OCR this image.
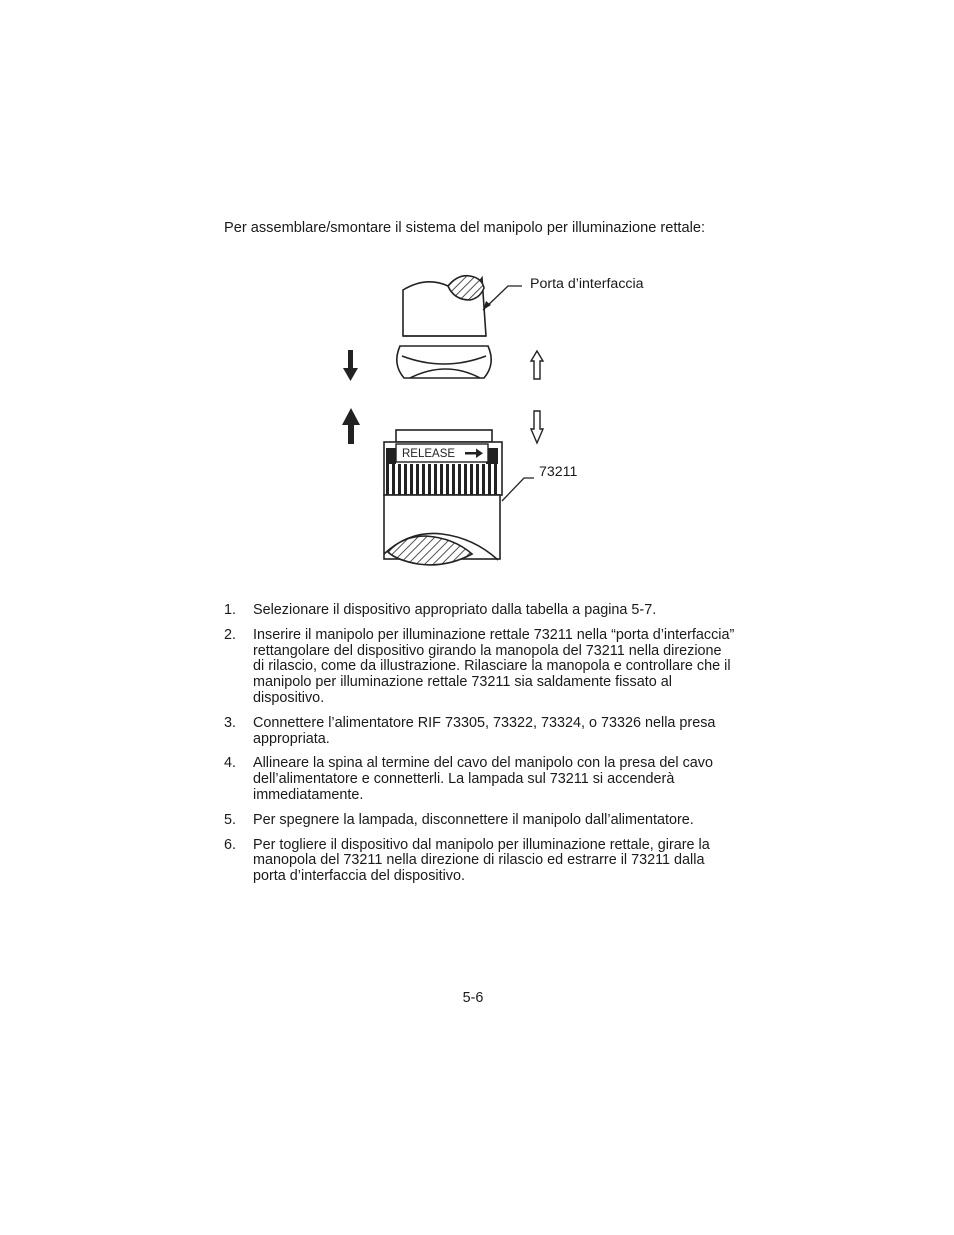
Per assemblare/smontare il sistema del manipolo per illuminazione rettale:

RELEASE
Porta d’interfaccia
73211
1. Selezionare il dispositivo appropriato dalla tabella a pagina 5-7.
2. Inserire il manipolo per illuminazione rettale 73211 nella “porta d’interfaccia” rettangolare del dispositivo girando la manopola del 73211 nella direzione di rilascio, come da illustrazione. Rilasciare la manopola e controllare che il manipolo per illuminazione rettale 73211 sia saldamente fissato al dispositivo.
3. Connettere l’alimentatore RIF 73305, 73322, 73324, o 73326 nella presa appropriata.
4. Allineare la spina al termine del cavo del manipolo con la presa del cavo dell’alimentatore e connetterli. La lampada sul 73211 si accenderà immediatamente.
5. Per spegnere la lampada, disconnettere il manipolo dall’alimentatore.
6. Per togliere il dispositivo dal manipolo per illuminazione rettale, girare la manopola del 73211 nella direzione di rilascio ed estrarre il 73211 dalla porta d’interfaccia del dispositivo.
5-6
